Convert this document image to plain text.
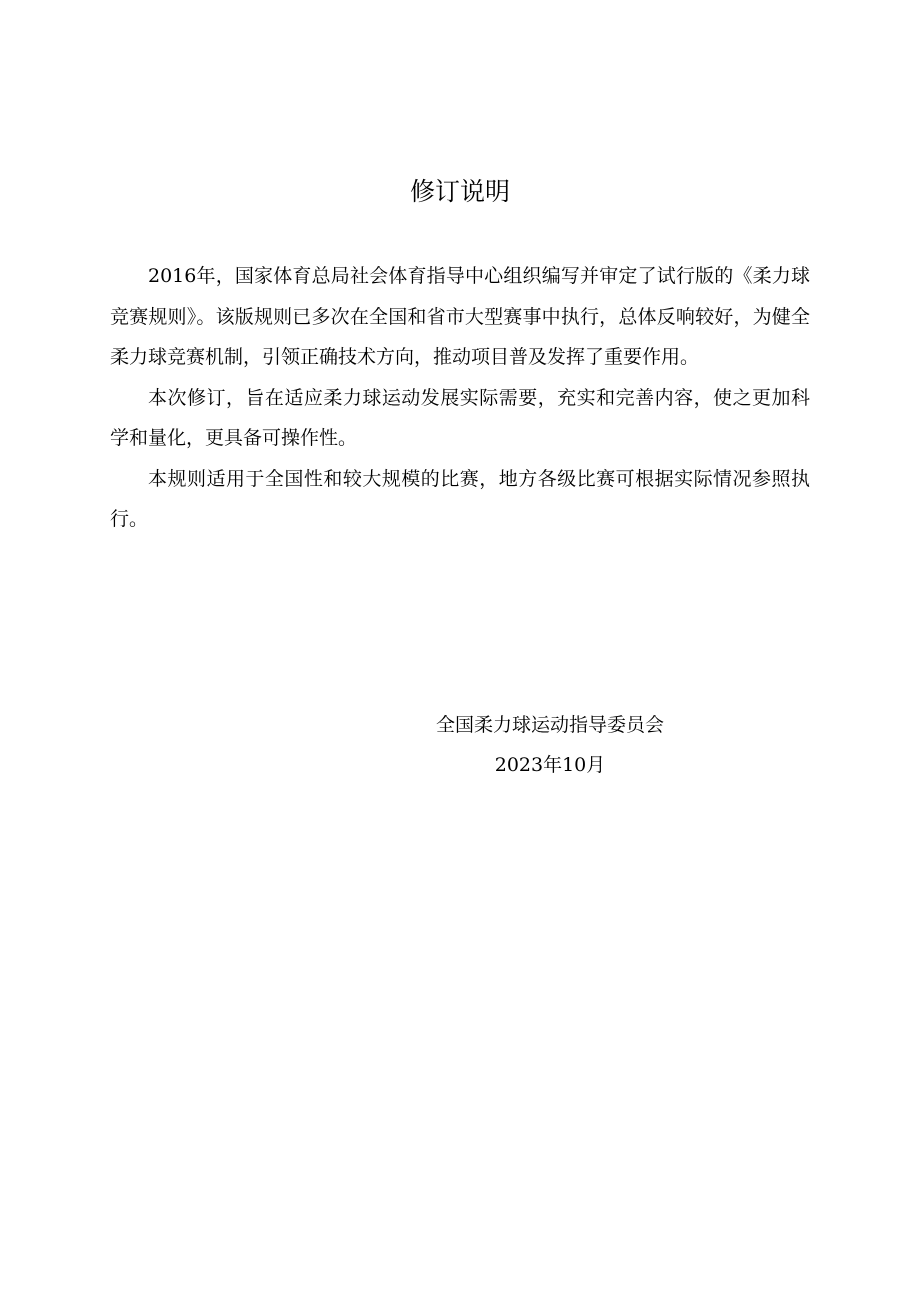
修订说明

2016年，国家体育总局社会体育指导中心组织编写并审定了试行版的《柔力球竞赛规则》。该版规则已多次在全国和省市大型赛事中执行，总体反响较好，为健全柔力球竞赛机制，引领正确技术方向，推动项目普及发挥了重要作用。

本次修订，旨在适应柔力球运动发展实际需要，充实和完善内容，使之更加科学和量化，更具备可操作性。

本规则适用于全国性和较大规模的比赛，地方各级比赛可根据实际情况参照执行。

全国柔力球运动指导委员会
2023年10月
